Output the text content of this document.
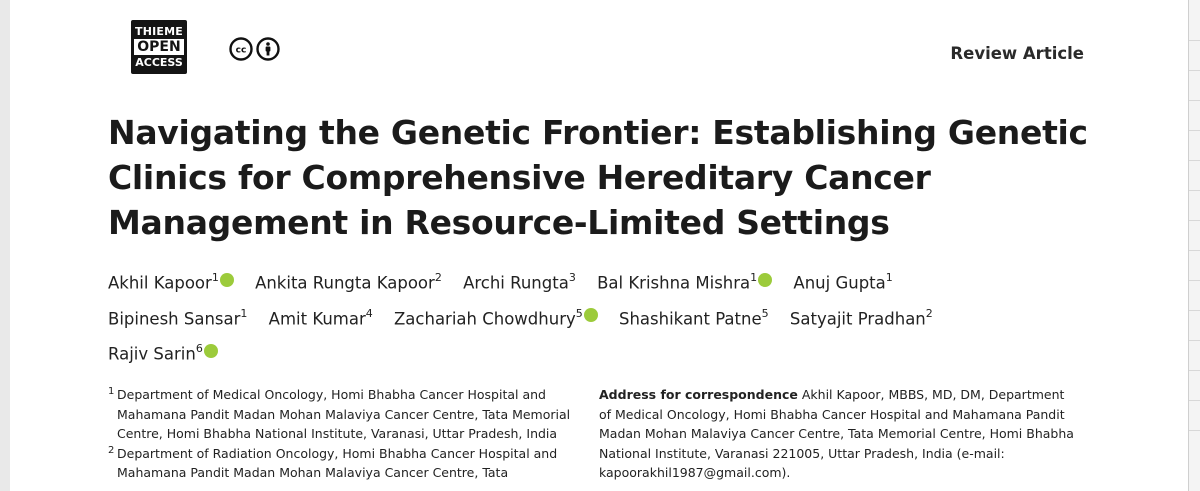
THIEME
OPEN
ACCESS
cc	Review Article
Navigating the Genetic Frontier: Establishing Genetic
Clinics for Comprehensive Hereditary Cancer
Management in Resource-Limited Settings
Akhil Kapoor$^1$ iD Ankita Rungta Kapoor$^2$ Archi Rungta$^3$ Bal Krishna Mishra$^1$ iD Anuj Gupta$^1$
Bipinesh Sansar$^1$ Amit Kumar$^4$ Zachariah Chowdhury$^5$ iD Shashikant Patne$^5$ Satyajit Pradhan$^2$
Rajiv Sarin$^6$iD
1 Department of Medical Oncology, Homi Bhabha Cancer Hospital and Mahamana Pandit Madan Mohan Malaviya Cancer Centre, Tata Memorial Centre, Homi Bhabha National Institute, Varanasi, Uttar Pradesh, India
2 Department of Radiation Oncology, Homi Bhabha Cancer Hospital and Mahamana Pandit Madan Mohan Malaviya Cancer Centre, Tata
Address for correspondence Akhil Kapoor, MBBS, MD, DM, Department of Medical Oncology, Homi Bhabha Cancer Hospital and Mahamana Pandit Madan Mohan Malaviya Cancer Centre, Tata Memorial Centre, Homi Bhabha National Institute, Varanasi 221005, Uttar Pradesh, India (e-mail: kapoorakhil1987@gmail.com).
